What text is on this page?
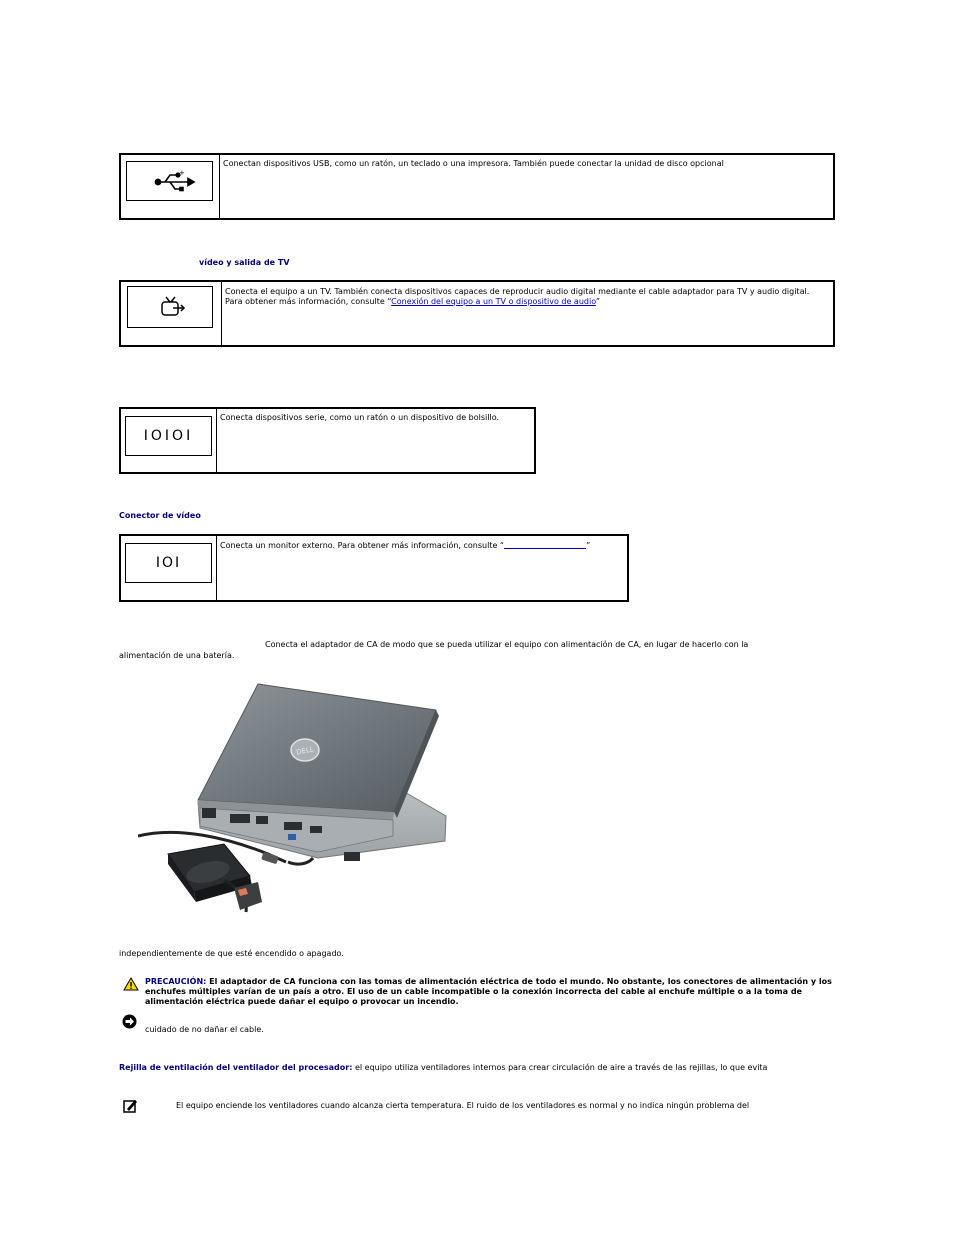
+
Conectan dispositivos USB, como un ratón, un teclado o una impresora. También puede conectar la unidad de disco opcional
vídeo y salida de TV
Conecta el equipo a un TV. También conecta dispositivos capaces de reproducir audio digital mediante el cable adaptador para TV y audio digital. Para obtener más información, consulte “Conexión del equipo a un TV o dispositivo de audio”
IOIOI
Conecta dispositivos serie, como un ratón o un dispositivo de bolsillo.
Conector de vídeo
IOI
Conecta un monitor externo. Para obtener más información, consulte “	”
Conecta el adaptador de CA de modo que se pueda utilizar el equipo con alimentación de CA, en lugar de hacerlo con la
alimentación de una batería.
DELL
independientemente de que esté encendido o apagado.
PRECAUCIÓN: El adaptador de CA funciona con las tomas de alimentación eléctrica de todo el mundo. No obstante, los conectores de alimentación y los enchufes múltiples varían de un país a otro. El uso de un cable incompatible o la conexión incorrecta del cable al enchufe múltiple o a la toma de alimentación eléctrica puede dañar el equipo o provocar un incendio.
cuidado de no dañar el cable.
Rejilla de ventilación del ventilador del procesador: el equipo utiliza ventiladores internos para crear circulación de aire a través de las rejillas, lo que evita
El equipo enciende los ventiladores cuando alcanza cierta temperatura. El ruido de los ventiladores es normal y no indica ningún problema del
